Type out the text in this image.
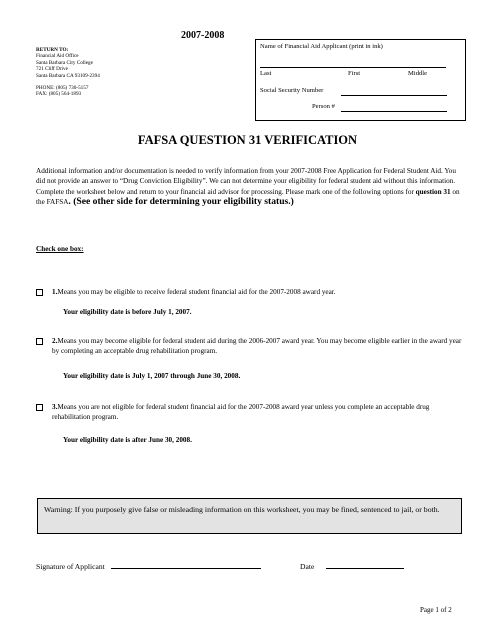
2007-2008
RETURN TO:
Financial Aid Office
Santa Barbara City College
721 Cliff Drive
Santa Barbara CA 93109-2394
PHONE: (805) 730-5157
FAX: (805) 564-1893
Name of Financial Aid Applicant (print in ink)
Last	First	Middle
Social Security Number
Person #
FAFSA QUESTION 31 VERIFICATION
Additional information and/or documentation is needed to verify information from your 2007-2008 Free Application for Federal Student Aid. You did not provide an answer to “Drug Conviction Eligibility”. We can not determine your eligibility for federal student aid without this information. Complete the worksheet below and return to your financial aid advisor for processing. Please mark one of the following options for question 31 on the FAFSA. (See other side for determining your eligibility status.)
Check one box:
1.Means you may be eligible to receive federal student financial aid for the 2007-2008 award year.
Your eligibility date is before July 1, 2007.
2.Means you may become eligible for federal student aid during the 2006-2007 award year. You may become eligible earlier in the award year by completing an acceptable drug rehabilitation program.
Your eligibility date is July 1, 2007 through June 30, 2008.
3.Means you are not eligible for federal student financial aid for the 2007-2008 award year unless you complete an acceptable drug rehabilitation program.
Your eligibility date is after June 30, 2008.
Warning: If you purposely give false or misleading information on this worksheet, you may be fined, sentenced to jail, or both.
Signature of Applicant	Date
Page 1 of 2
